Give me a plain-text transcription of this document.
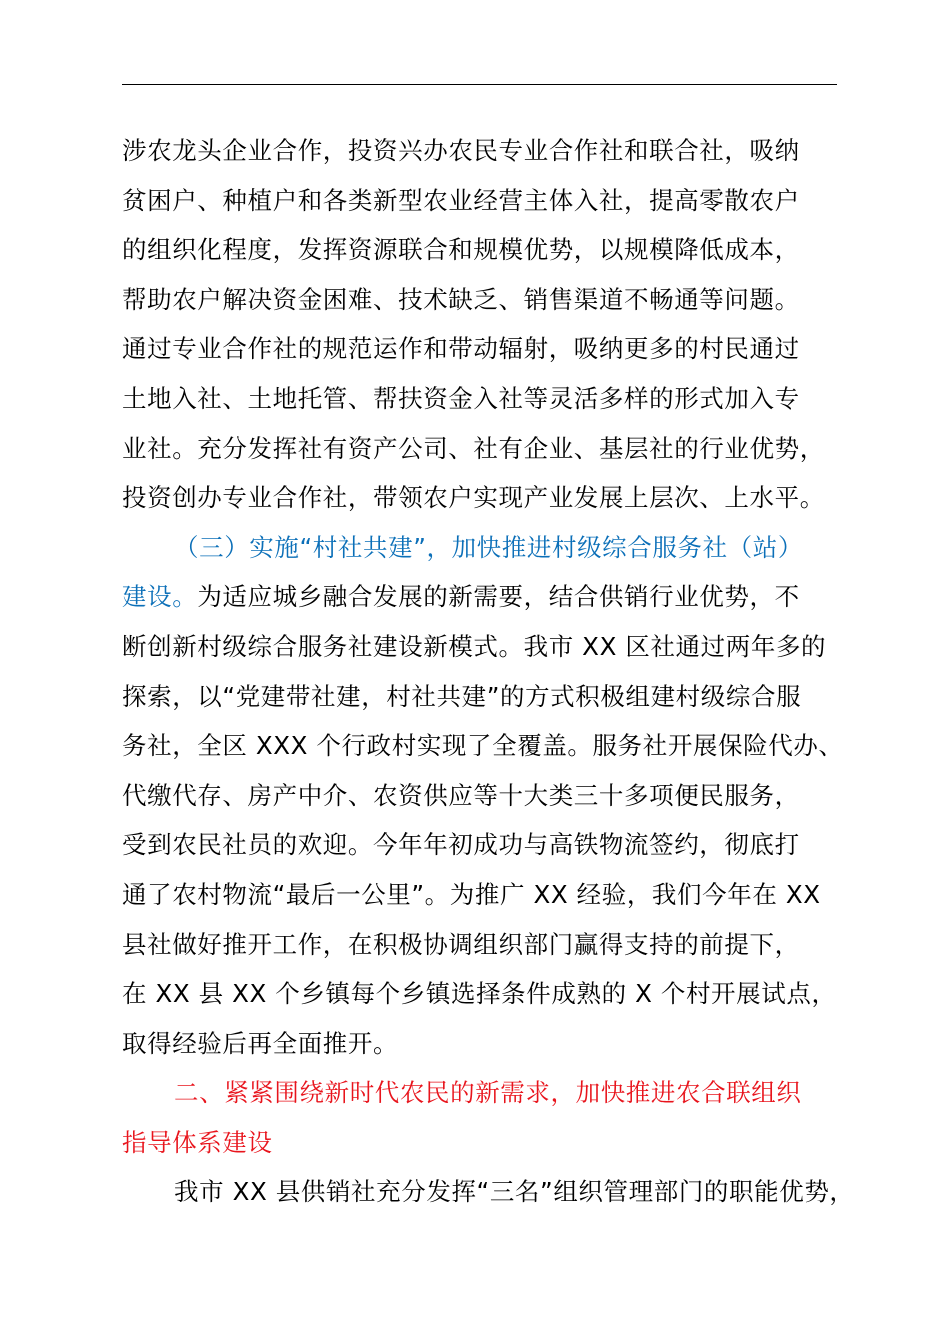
涉农龙头企业合作，投资兴办农民专业合作社和联合社，吸纳
贫困户、种植户和各类新型农业经营主体入社，提高零散农户
的组织化程度，发挥资源联合和规模优势，以规模降低成本，
帮助农户解决资金困难、技术缺乏、销售渠道不畅通等问题。
通过专业合作社的规范运作和带动辐射，吸纳更多的村民通过
土地入社、土地托管、帮扶资金入社等灵活多样的形式加入专
业社。充分发挥社有资产公司、社有企业、基层社的行业优势，
投资创办专业合作社，带领农户实现产业发展上层次、上水平。
（三）实施“村社共建”，加快推进村级综合服务社（站）
建设。为适应城乡融合发展的新需要，结合供销行业优势，不
断创新村级综合服务社建设新模式。我市 XX 区社通过两年多的
探索，以“党建带社建，村社共建”的方式积极组建村级综合服
务社，全区 XXX 个行政村实现了全覆盖。服务社开展保险代办、
代缴代存、房产中介、农资供应等十大类三十多项便民服务，
受到农民社员的欢迎。今年年初成功与高铁物流签约，彻底打
通了农村物流“最后一公里”。为推广 XX 经验，我们今年在 XX
县社做好推开工作，在积极协调组织部门赢得支持的前提下，
在 XX 县 XX 个乡镇每个乡镇选择条件成熟的 X 个村开展试点，
取得经验后再全面推开。
二、紧紧围绕新时代农民的新需求，加快推进农合联组织
指导体系建设
我市 XX 县供销社充分发挥“三名”组织管理部门的职能优势，
